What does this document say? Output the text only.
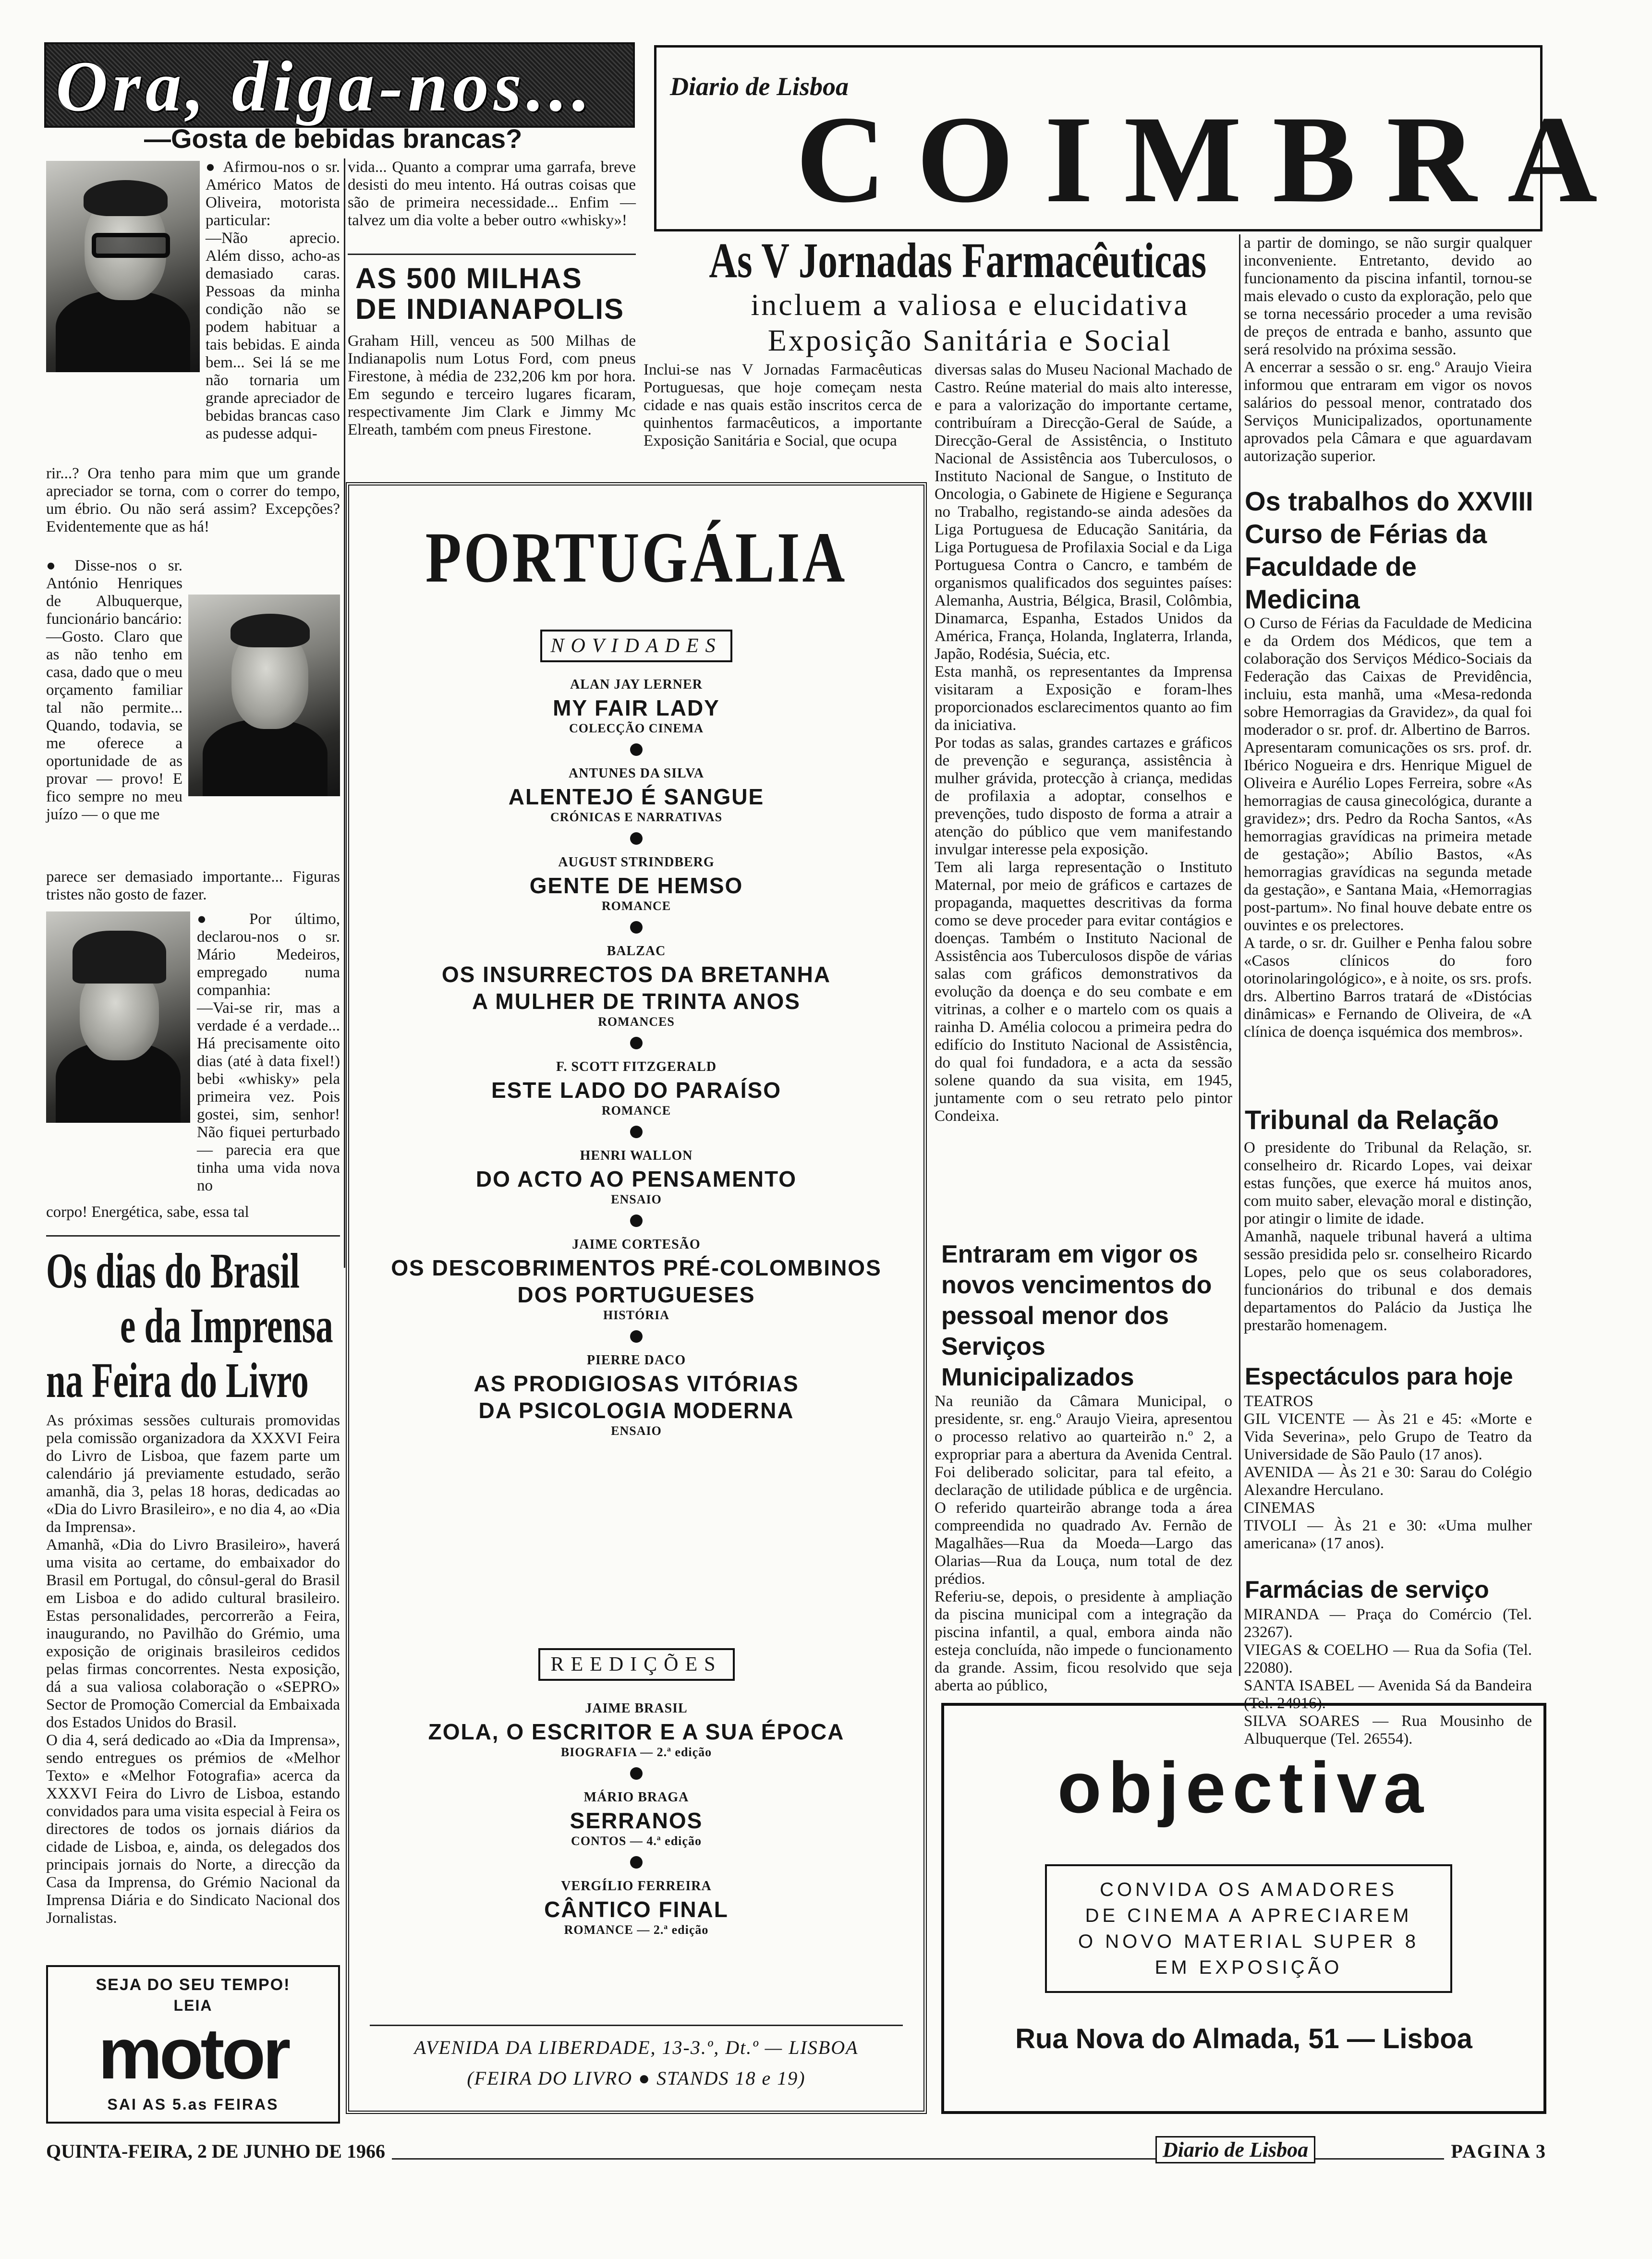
Ora, diga-nos...
—Gosta de bebidas brancas?

● Afirmou-nos o sr. Américo Matos de Oliveira, motorista particular:
—Não aprecio. Além disso, acho-as demasiado caras. Pessoas da minha condição não se podem habituar a tais bebidas. E ainda bem... Sei lá se me não tornaria um grande apreciador de bebidas brancas caso as pudesse adqui-

rir...? Ora tenho para mim que um grande apreciador se torna, com o correr do tempo, um ébrio. Ou não será assim? Excepções? Evidentemente que as há!

● Disse-nos o sr. António Henriques de Albuquerque, funcionário bancário:
—Gosto. Claro que as não tenho em casa, dado que o meu orçamento familiar tal não permite... Quando, todavia, se me oferece a oportunidade de as provar — provo! E fico sempre no meu juízo — o que me

parece ser demasiado importante... Figuras tristes não gosto de fazer.

● Por último, declarou-nos o sr. Mário Medeiros, empregado numa companhia:
—Vai-se rir, mas a verdade é a verdade... Há precisamente oito dias (até à data fixel!) bebi «whisky» pela primeira vez. Pois gostei, sim, senhor! Não fiquei perturbado — parecia era que tinha uma vida nova no

corpo! Energética, sabe, essa tal

vida... Quanto a comprar uma garrafa, breve desisti do meu intento. Há outras coisas que são de primeira necessidade... Enfim — talvez um dia volte a beber outro «whisky»!

AS 500 MILHAS DE INDIANAPOLIS

Graham Hill, venceu as 500 Milhas de Indianapolis num Lotus Ford, com pneus Firestone, à média de 232,206 km por hora. Em segundo e terceiro lugares ficaram, respectivamente Jim Clark e Jimmy Mc Elreath, também com pneus Firestone.

Os dias do Brasil
e da Imprensa
na Feira do Livro

As próximas sessões culturais promovidas pela comissão organizadora da XXXVI Feira do Livro de Lisboa, que fazem parte um calendário já previamente estudado, serão amanhã, dia 3, pelas 18 horas, dedicadas ao «Dia do Livro Brasileiro», e no dia 4, ao «Dia da Imprensa».
Amanhã, «Dia do Livro Brasileiro», haverá uma visita ao certame, do embaixador do Brasil em Portugal, do cônsul-geral do Brasil em Lisboa e do adido cultural brasileiro. Estas personalidades, percorrerão a Feira, inaugurando, no Pavilhão do Grémio, uma exposição de originais brasileiros cedidos pelas firmas concorrentes. Nesta exposição, dá a sua valiosa colaboração o «SEPRO» Sector de Promoção Comercial da Embaixada dos Estados Unidos do Brasil.
O dia 4, será dedicado ao «Dia da Imprensa», sendo entregues os prémios de «Melhor Texto» e «Melhor Fotografia» acerca da XXXVI Feira do Livro de Lisboa, estando convidados para uma visita especial à Feira os directores de todos os jornais diários da cidade de Lisboa, e, ainda, os delegados dos principais jornais do Norte, a direcção da Casa da Imprensa, do Grémio Nacional da Imprensa Diária e do Sindicato Nacional dos Jornalistas.

SEJA DO SEU TEMPO!
LEIA
motor
SAI AS 5.as FEIRAS
Diario de Lisboa
COIMBRA
As V Jornadas Farmacêuticas
incluem a valiosa e elucidativa
Exposição Sanitária e Social

Inclui-se nas V Jornadas Farmacêuticas Portuguesas, que hoje começam nesta cidade e nas quais estão inscritos cerca de quinhentos farmacêuticos, a importante Exposição Sanitária e Social, que ocupa

diversas salas do Museu Nacional Machado de Castro. Reúne material do mais alto interesse, e para a valorização do importante certame, contribuíram a Direcção-Geral de Saúde, a Direcção-Geral de Assistência, o Instituto Nacional de Assistência aos Tuberculosos, o Instituto Nacional de Sangue, o Instituto de Oncologia, o Gabinete de Higiene e Segurança no Trabalho, registando-se ainda adesões da Liga Portuguesa de Educação Sanitária, da Liga Portuguesa de Profilaxia Social e da Liga Portuguesa Contra o Cancro, e também de organismos qualificados dos seguintes países: Alemanha, Austria, Bélgica, Brasil, Colômbia, Dinamarca, Espanha, Estados Unidos da América, França, Holanda, Inglaterra, Irlanda, Japão, Rodésia, Suécia, etc.
Esta manhã, os representantes da Imprensa visitaram a Exposição e foram-lhes proporcionados esclarecimentos quanto ao fim da iniciativa.
Por todas as salas, grandes cartazes e gráficos de prevenção e segurança, assistência à mulher grávida, protecção à criança, medidas de profilaxia a adoptar, conselhos e prevenções, tudo disposto de forma a atrair a atenção do público que vem manifestando invulgar interesse pela exposição.
Tem ali larga representação o Instituto Maternal, por meio de gráficos e cartazes de propaganda, maquettes descritivas da forma como se deve proceder para evitar contágios e doenças. Também o Instituto Nacional de Assistência aos Tuberculosos dispõe de várias salas com gráficos demonstrativos da evolução da doença e do seu combate e em vitrinas, a colher e o martelo com os quais a rainha D. Amélia colocou a primeira pedra do edifício do Instituto Nacional de Assistência, do qual foi fundadora, e a acta da sessão solene quando da sua visita, em 1945, juntamente com o seu retrato pelo pintor Condeixa.

a partir de domingo, se não surgir qualquer inconveniente. Entretanto, devido ao funcionamento da piscina infantil, tornou-se mais elevado o custo da exploração, pelo que se torna necessário proceder a uma revisão de preços de entrada e banho, assunto que será resolvido na próxima sessão.
A encerrar a sessão o sr. eng.º Araujo Vieira informou que entraram em vigor os novos salários do pessoal menor, contratado dos Serviços Municipalizados, oportunamente aprovados pela Câmara e que aguardavam autorização superior.

Os trabalhos do XXVIII Curso de Férias da Faculdade de Medicina

O Curso de Férias da Faculdade de Medicina e da Ordem dos Médicos, que tem a colaboração dos Serviços Médico-Sociais da Federação das Caixas de Previdência, incluiu, esta manhã, uma «Mesa-redonda sobre Hemorragias da Gravidez», da qual foi moderador o sr. prof. dr. Albertino de Barros.
Apresentaram comunicações os srs. prof. dr. Ibérico Nogueira e drs. Henrique Miguel de Oliveira e Aurélio Lopes Ferreira, sobre «As hemorragias de causa ginecológica, durante a gravidez»; drs. Pedro da Rocha Santos, «As hemorragias gravídicas na primeira metade de gestação»; Abílio Bastos, «As hemorragias gravídicas na segunda metade da gestação», e Santana Maia, «Hemorragias post-partum». No final houve debate entre os ouvintes e os prelectores.
A tarde, o sr. dr. Guilher e Penha falou sobre «Casos clínicos do foro otorinolaringológico», e à noite, os srs. profs. drs. Albertino Barros tratará de «Distócias dinâmicas» e Fernando de Oliveira, de «A clínica de doença isquémica dos membros».

Tribunal da Relação

O presidente do Tribunal da Relação, sr. conselheiro dr. Ricardo Lopes, vai deixar estas funções, que exerce há muitos anos, com muito saber, elevação moral e distinção, por atingir o limite de idade.
Amanhã, naquele tribunal haverá a ultima sessão presidida pelo sr. conselheiro Ricardo Lopes, pelo que os seus colaboradores, funcionários do tribunal e dos demais departamentos do Palácio da Justiça lhe prestarão homenagem.

Espectáculos para hoje

TEATROS
GIL VICENTE — Às 21 e 45: «Morte e Vida Severina», pelo Grupo de Teatro da Universidade de São Paulo (17 anos).
AVENIDA — Às 21 e 30: Sarau do Colégio Alexandre Herculano.
CINEMAS
TIVOLI — Às 21 e 30: «Uma mulher americana» (17 anos).

Farmácias de serviço

MIRANDA — Praça do Comércio (Tel. 23267).
VIEGAS & COELHO — Rua da Sofia (Tel. 22080).
SANTA ISABEL — Avenida Sá da Bandeira (Tel. 24916).
SILVA SOARES — Rua Mousinho de Albuquerque (Tel. 26554).

Entraram em vigor os novos vencimentos do pessoal menor dos Serviços Municipalizados

Na reunião da Câmara Municipal, o presidente, sr. eng.º Araujo Vieira, apresentou o processo relativo ao quarteirão n.º 2, a expropriar para a abertura da Avenida Central. Foi deliberado solicitar, para tal efeito, a declaração de utilidade pública e de urgência. O referido quarteirão abrange toda a área compreendida no quadrado Av. Fernão de Magalhães—Rua da Moeda—Largo das Olarias—Rua da Louça, num total de dez prédios.
Referiu-se, depois, o presidente à ampliação da piscina municipal com a integração da piscina infantil, a qual, embora ainda não esteja concluída, não impede o funcionamento da grande. Assim, ficou resolvido que seja aberta ao público,

PORTUGÁLIA
NOVIDADES
ALAN JAY LERNER
MY FAIR LADY
COLECÇÃO CINEMA
ANTUNES DA SILVA
ALENTEJO É SANGUE
CRÓNICAS E NARRATIVAS
AUGUST STRINDBERG
GENTE DE HEMSO
ROMANCE
BALZAC
OS INSURRECTOS DA BRETANHA
A MULHER DE TRINTA ANOS
ROMANCES
F. SCOTT FITZGERALD
ESTE LADO DO PARAÍSO
ROMANCE
HENRI WALLON
DO ACTO AO PENSAMENTO
ENSAIO
JAIME CORTESÃO
OS DESCOBRIMENTOS PRÉ-COLOMBINOS
DOS PORTUGUESES
HISTÓRIA
PIERRE DACO
AS PRODIGIOSAS VITÓRIAS
DA PSICOLOGIA MODERNA
ENSAIO
REEDIÇÕES
JAIME BRASIL
ZOLA, O ESCRITOR E A SUA ÉPOCA
BIOGRAFIA — 2.ª edição
MÁRIO BRAGA
SERRANOS
CONTOS — 4.ª edição
VERGÍLIO FERREIRA
CÂNTICO FINAL
ROMANCE — 2.ª edição
AVENIDA DA LIBERDADE, 13-3.º, Dt.º — LISBOA
(FEIRA DO LIVRO ● STANDS 18 e 19)
objectiva
CONVIDA OS AMADORES
DE CINEMA A APRECIAREM
O NOVO MATERIAL SUPER 8
EM EXPOSIÇÃO
Rua Nova do Almada, 51 — Lisboa
QUINTA-FEIRA, 2 DE JUNHO DE 1966	Diario de Lisboa	PAGINA 3
